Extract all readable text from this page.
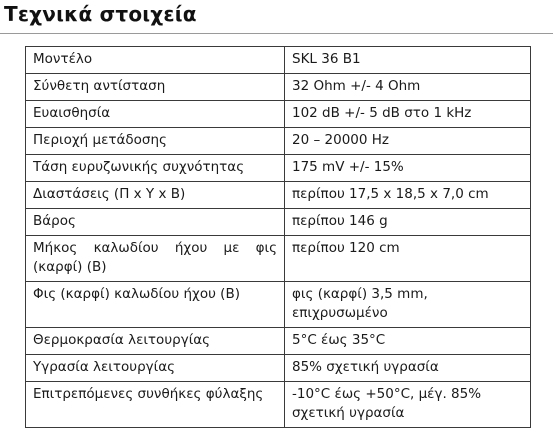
Τεχνικά στοιχεία
Μοντέλο	SKL 36 B1
Σύνθετη αντίσταση	32 Ohm +/- 4 Ohm
Ευαισθησία	102 dB +/- 5 dB στο 1 kHz
Περιοχή μετάδοσης	20 – 20000 Hz
Τάση ευρυζωνικής συχνότητας	175 mV +/- 15%
Διαστάσεις (Π x Y x B)	περίπου 17,5 x 18,5 x 7,0 cm
Βάρος	περίπου 146 g
Μήκος καλωδίου ήχου με φις (καρφί) (B)	περίπου 120 cm
Φις (καρφί) καλωδίου ήχου (B)	φις (καρφί) 3,5 mm, επιχρυσωμένο
Θερμοκρασία λειτουργίας	5°C έως 35°C
Υγρασία λειτουργίας	85% σχετική υγρασία
Επιτρεπόμενες συνθήκες φύλαξης	-10°C έως +50°C, μέγ. 85% σχετική υγρασία
